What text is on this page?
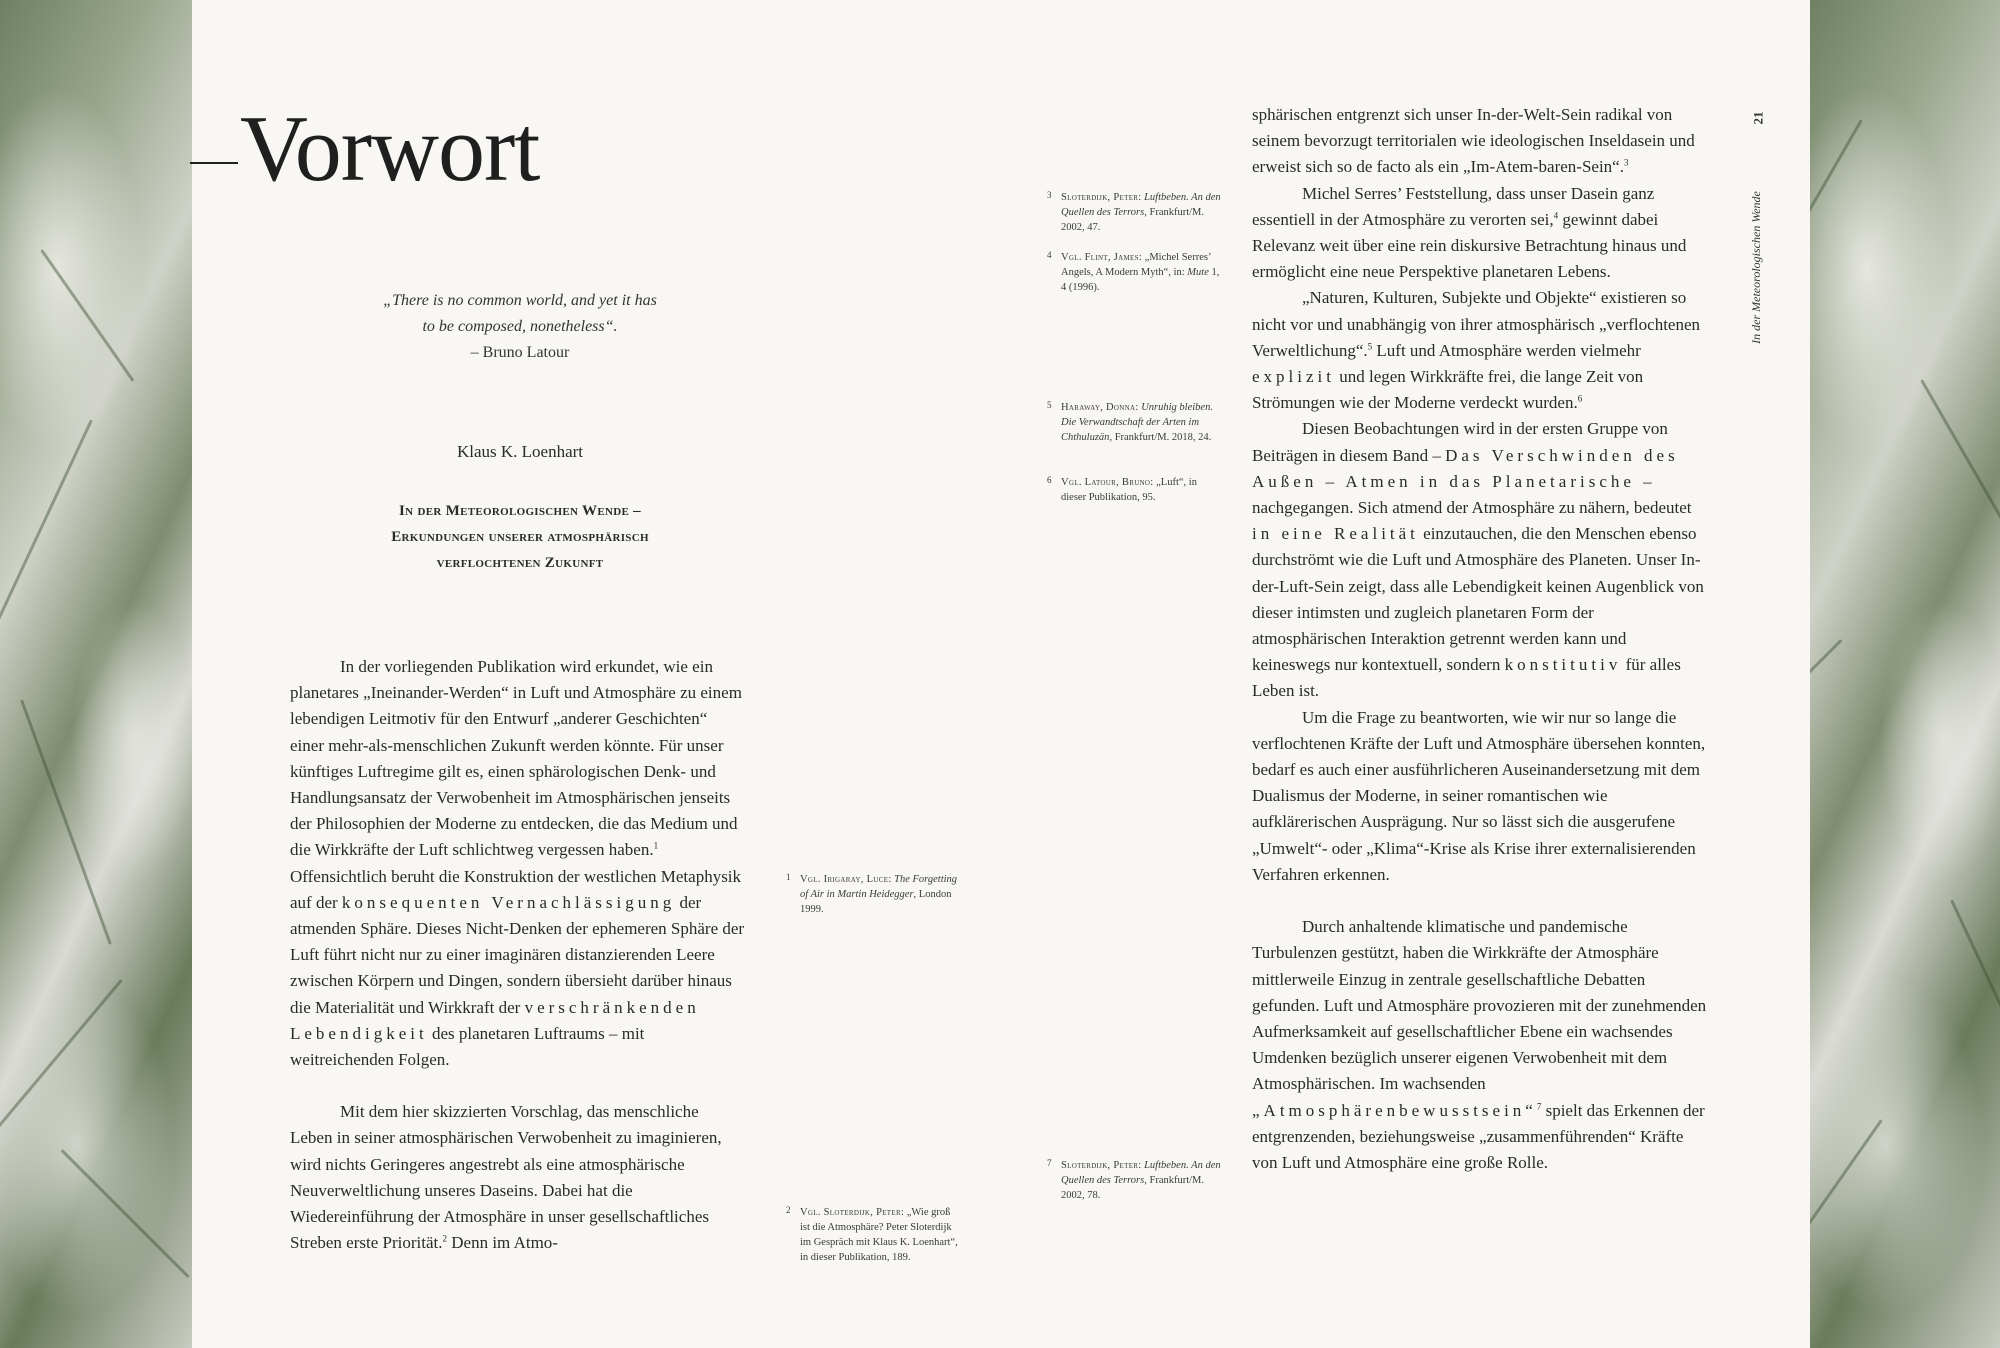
Vorwort
„There is no common world, and yet it has
to be composed, nonetheless“.
– Bruno Latour
Klaus K. Loenhart
In der Meteorologischen Wende –
Erkundungen unserer atmosphärisch
verflochtenen Zukunft

In der vorliegenden Publikation wird erkundet, wie ein planetares „Ineinander-Werden“ in Luft und Atmosphäre zu einem lebendigen Leitmotiv für den Entwurf „anderer Geschichten“ einer mehr-als-menschlichen Zukunft werden könnte. Für unser künftiges Luftregime gilt es, einen sphärologischen Denk- und Handlungsansatz der Verwobenheit im Atmosphärischen jenseits der Philosophien der Moderne zu entdecken, die das Medium und die Wirkkräfte der Luft schlichtweg vergessen haben.$^1$ Offensichtlich beruht die Konstruktion der westlichen Metaphysik auf der konsequenten Vernachlässigung der atmenden Sphäre. Dieses Nicht-Denken der ephemeren Sphäre der Luft führt nicht nur zu einer imaginären distanzierenden Leere zwischen Körpern und Dingen, sondern übersieht darüber hinaus die Materialität und Wirkkraft der verschränkenden Lebendigkeit des planetaren Luftraums – mit weitreichenden Folgen.

Mit dem hier skizzierten Vorschlag, das menschliche Leben in seiner atmosphärischen Verwobenheit zu imaginieren, wird nichts Geringeres angestrebt als eine atmosphärische Neuverweltlichung unseres Daseins. Dabei hat die Wiedereinführung der Atmosphäre in unser gesellschaftliches Streben erste Priorität.$^2$ Denn im Atmo-

sphärischen entgrenzt sich unser In-der-Welt-Sein radikal von seinem bevorzugt territorialen wie ideologischen Inseldasein und erweist sich so de facto als ein „Im-Atem-baren-Sein“.$^3$

Michel Serres’ Feststellung, dass unser Dasein ganz essentiell in der Atmosphäre zu verorten sei,$^4$ gewinnt dabei Relevanz weit über eine rein diskursive Betrachtung hinaus und ermöglicht eine neue Perspektive planetaren Lebens.

„Naturen, Kulturen, Subjekte und Objekte“ existieren so nicht vor und unabhängig von ihrer atmosphärisch „verflochtenen Verweltlichung“.$^5$ Luft und Atmosphäre werden vielmehr explizit und legen Wirkkräfte frei, die lange Zeit von Strömungen wie der Moderne verdeckt wurden.$^6$

Diesen Beobachtungen wird in der ersten Gruppe von Beiträgen in diesem Band – Das Verschwinden des Außen – Atmen in das Planetarische – nachgegangen. Sich atmend der Atmosphäre zu nähern, bedeutet in eine Realität einzutauchen, die den Menschen ebenso durchströmt wie die Luft und Atmosphäre des Planeten. Unser In-der-Luft-Sein zeigt, dass alle Lebendigkeit keinen Augenblick von dieser intimsten und zugleich planetaren Form der atmosphärischen Interaktion getrennt werden kann und keineswegs nur kontextuell, sondern konstitutiv für alles Leben ist.

Um die Frage zu beantworten, wie wir nur so lange die verflochtenen Kräfte der Luft und Atmosphäre übersehen konnten, bedarf es auch einer ausführlicheren Auseinandersetzung mit dem Dualismus der Moderne, in seiner romantischen wie aufklärerischen Ausprägung. Nur so lässt sich die ausgerufene „Umwelt“- oder „Klima“-Krise als Krise ihrer externalisierenden Verfahren erkennen.

Durch anhaltende klimatische und pandemische Turbulenzen gestützt, haben die Wirkkräfte der Atmosphäre mittlerweile Einzug in zentrale gesellschaftliche Debatten gefunden. Luft und Atmosphäre provozieren mit der zunehmenden Aufmerksamkeit auf gesellschaftlicher Ebene ein wachsendes Umdenken bezüglich unserer eigenen Verwobenheit mit dem Atmosphärischen. Im wachsenden „Atmosphärenbewusstsein“$^7$ spielt das Erkennen der entgrenzenden, beziehungsweise „zusammenführenden“ Kräfte von Luft und Atmosphäre eine große Rolle.

3 Sloterdijk, Peter: Luftbeben. An den Quellen des Terrors, Frankfurt/M. 2002, 47.
4 Vgl. Flint, James: „Michel Serres’ Angels, A Modern Myth“, in: Mute 1, 4 (1996).
5 Haraway, Donna: Unruhig bleiben. Die Verwandtschaft der Arten im Chthuluzän, Frankfurt/M. 2018, 24.
6 Vgl. Latour, Bruno: „Luft“, in dieser Publikation, 95.
1 Vgl. Irigaray, Luce: The Forgetting of Air in Martin Heidegger, London 1999.
7 Sloterdijk, Peter: Luftbeben. An den Quellen des Terrors, Frankfurt/M. 2002, 78.
2 Vgl. Sloterdijk, Peter: „Wie groß ist die Atmosphäre? Peter Sloterdijk im Gespräch mit Klaus K. Loenhart“, in dieser Publikation, 189.
21
In der Meteorologischen Wende
